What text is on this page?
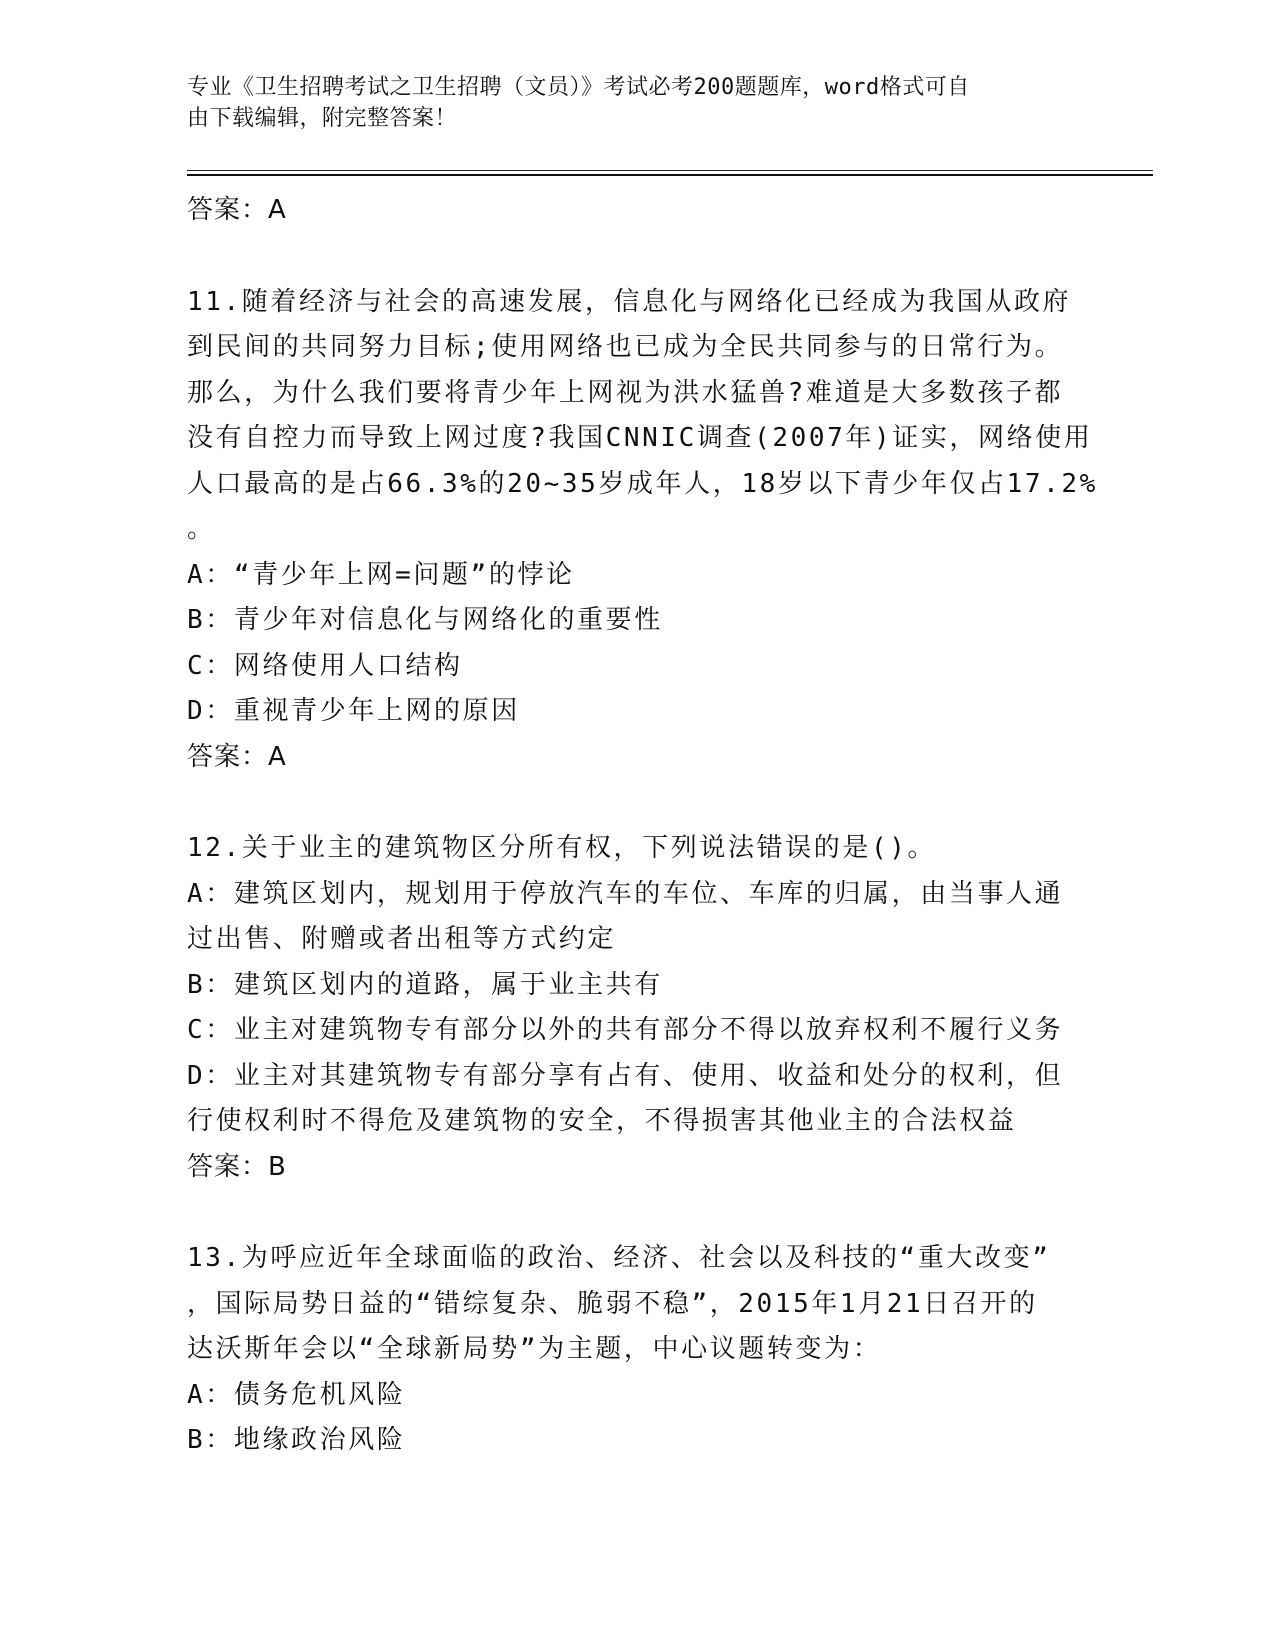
专业《卫生招聘考试之卫生招聘（文员）》考试必考200题题库，word格式可自
由下载编辑，附完整答案！
答案：A
11.随着经济与社会的高速发展，信息化与网络化已经成为我国从政府
到民间的共同努力目标;使用网络也已成为全民共同参与的日常行为。
那么，为什么我们要将青少年上网视为洪水猛兽?难道是大多数孩子都
没有自控力而导致上网过度?我国CNNIC调查(2007年)证实，网络使用
人口最高的是占66.3%的20~35岁成年人，18岁以下青少年仅占17.2%
。
A：“青少年上网=问题”的悖论
B：青少年对信息化与网络化的重要性
C：网络使用人口结构
D：重视青少年上网的原因
答案：A
12.关于业主的建筑物区分所有权，下列说法错误的是()。
A：建筑区划内，规划用于停放汽车的车位、车库的归属，由当事人通
过出售、附赠或者出租等方式约定
B：建筑区划内的道路，属于业主共有
C：业主对建筑物专有部分以外的共有部分不得以放弃权利不履行义务
D：业主对其建筑物专有部分享有占有、使用、收益和处分的权利，但
行使权利时不得危及建筑物的安全，不得损害其他业主的合法权益
答案：B
13.为呼应近年全球面临的政治、经济、社会以及科技的“重大改变”
，国际局势日益的“错综复杂、脆弱不稳”，2015年1月21日召开的
达沃斯年会以“全球新局势”为主题，中心议题转变为：
A：债务危机风险
B：地缘政治风险
